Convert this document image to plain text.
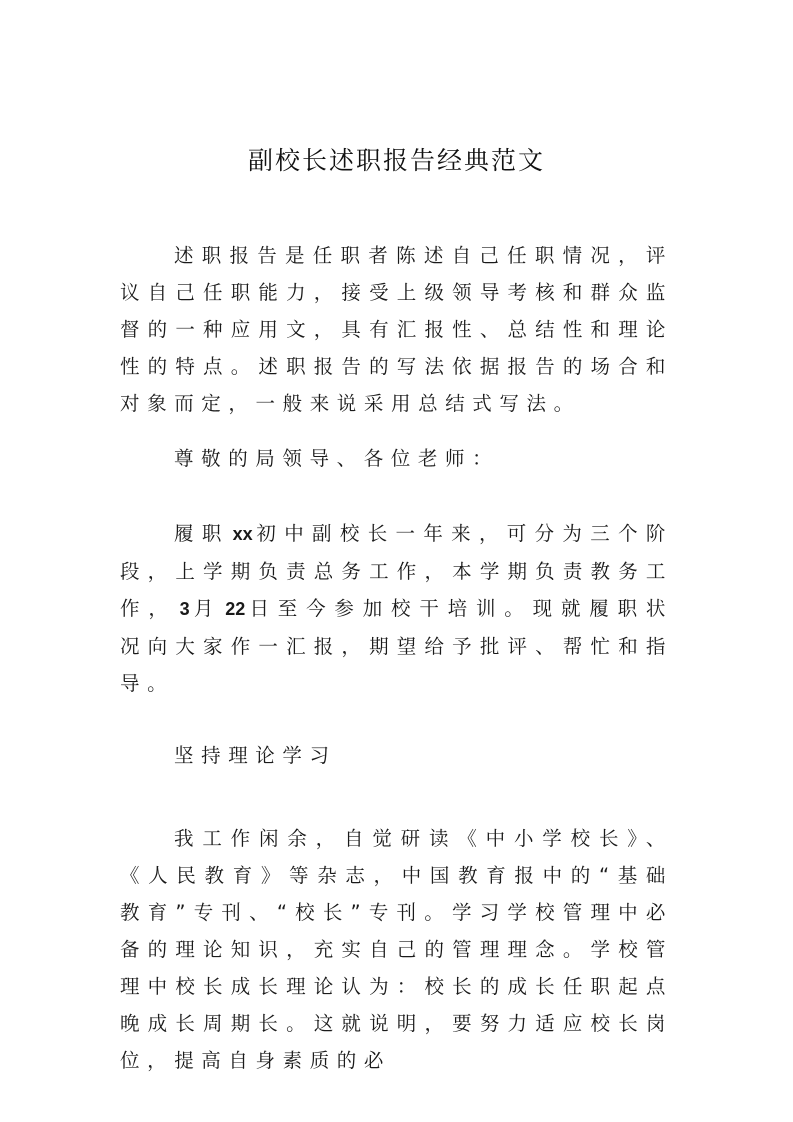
副校长述职报告经典范文

述职报告是任职者陈述自己任职情况，评议自己任职能力，接受上级领导考核和群众监督的一种应用文，具有汇报性、总结性和理论性的特点。述职报告的写法依据报告的场合和对象而定，一般来说采用总结式写法。

尊敬的局领导、各位老师：

履职 xx 初中副校长一年来，可分为三个阶段，上学期负责总务工作，本学期负责教务工作， 3 月 22 日至今参加校干培训。现就履职状况向大家作一汇报，期望给予批评、帮忙和指导。

坚持理论学习

我工作闲余，自觉研读《中小学校长》、《人民教育》等杂志，中国教育报中的“基础教育”专刊、“校长”专刊。学习学校管理中必备的理论知识，充实自己的管理理念。学校管理中校长成长理论认为：校长的成长任职起点晚成长周期长。这就说明，要努力适应校长岗位，提高自身素质的必
